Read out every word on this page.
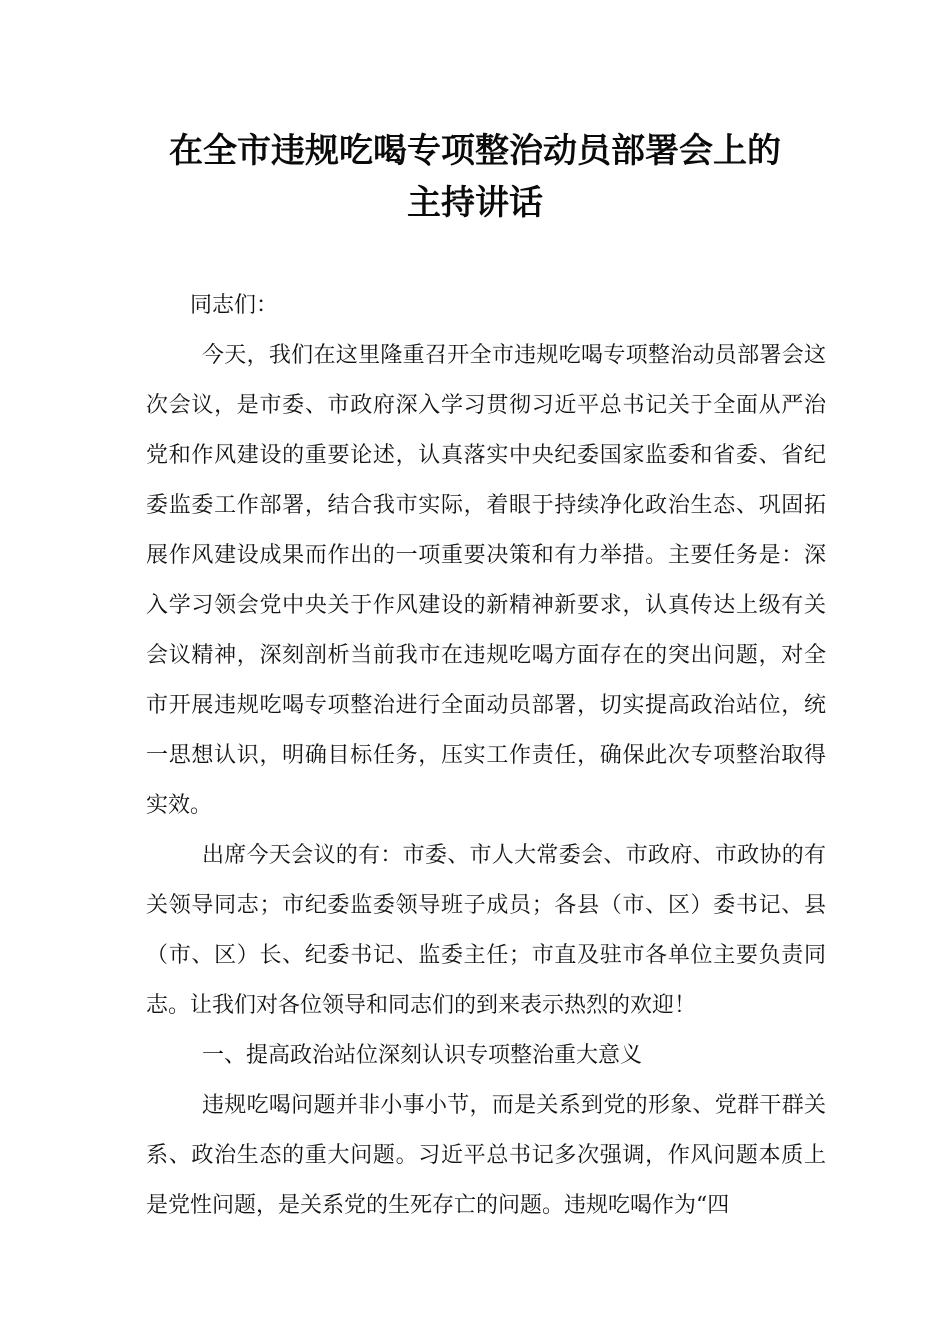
在全市违规吃喝专项整治动员部署会上的
主持讲话

同志们：

今天，我们在这里隆重召开全市违规吃喝专项整治动员部署会这次会议，是市委、市政府深入学习贯彻习近平总书记关于全面从严治党和作风建设的重要论述，认真落实中央纪委国家监委和省委、省纪委监委工作部署，结合我市实际，着眼于持续净化政治生态、巩固拓展作风建设成果而作出的一项重要决策和有力举措。主要任务是：深入学习领会党中央关于作风建设的新精神新要求，认真传达上级有关会议精神，深刻剖析当前我市在违规吃喝方面存在的突出问题，对全市开展违规吃喝专项整治进行全面动员部署，切实提高政治站位，统一思想认识，明确目标任务，压实工作责任，确保此次专项整治取得实效。

出席今天会议的有：市委、市人大常委会、市政府、市政协的有关领导同志；市纪委监委领导班子成员；各县（市、区）委书记、县（市、区）长、纪委书记、监委主任；市直及驻市各单位主要负责同志。让我们对各位领导和同志们的到来表示热烈的欢迎！

一、提高政治站位深刻认识专项整治重大意义

违规吃喝问题并非小事小节，而是关系到党的形象、党群干群关系、政治生态的重大问题。习近平总书记多次强调，作风问题本质上是党性问题，是关系党的生死存亡的问题。违规吃喝作为“四
